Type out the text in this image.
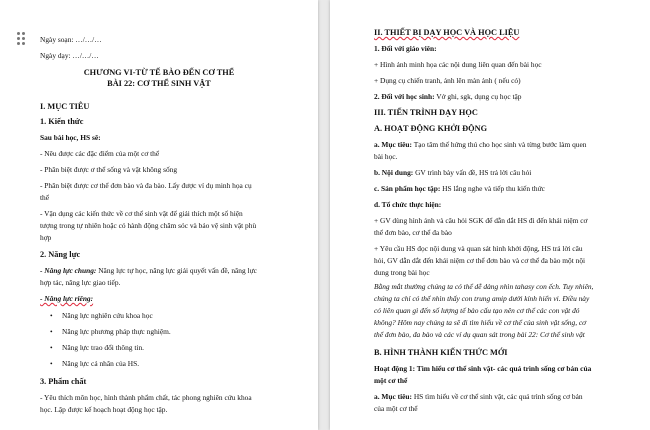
Ngày soạn: …/…/…
Ngày dạy: …/…/…
CHƯƠNG VI-TỪ TẾ BÀO ĐẾN CƠ THỂ
BÀI 22: CƠ THỂ SINH VẬT
I. MỤC TIÊU
1. Kiến thức
Sau bài học, HS sẽ:
- Nêu được các đặc điểm của một cơ thể
- Phân biệt được ơ thể sống và vật không sống
- Phân biệt được cơ thể đơn bào và đa bào. Lấy được ví dụ minh họa cụ
thể
- Vận dụng các kiến thức về cơ thể sinh vật để giải thích một số hiện
tượng trong tự nhiên hoặc có hành động chăm sóc và bảo vệ sinh vật phù
hợp
2. Năng lực
- Năng lực chung: Năng lực tự học, năng lực giải quyết vấn đề, năng lực
hợp tác, năng lực giao tiếp.
- Năng lực riêng:
• Năng lực nghiên cứu khoa học
• Năng lực phương pháp thực nghiệm.
• Năng lực trao đổi thông tin.
• Năng lực cá nhân của HS.
3. Phẩm chất
- Yêu thích môn học, hình thành phẩm chất, tác phong nghiên cứu khoa
học. Lập được kế hoạch hoạt động học tập.
II. THIẾT BỊ DẠY HỌC VÀ HỌC LIỆU
1. Đối với giáo viên:
+ Hình ảnh minh họa các nội dung liên quan đến bài học
+ Dụng cụ chiến tranh, ảnh lên màn ảnh ( nếu có)
2. Đối với học sinh: Vở ghi, sgk, dụng cụ học tập
III. TIẾN TRÌNH DẠY HỌC
A. HOẠT ĐỘNG KHỞI ĐỘNG
a. Mục tiêu: Tạo tâm thế hứng thú cho học sinh và từng bước làm quen
bài học.
b. Nội dung: GV trình bày vấn đề, HS trả lời câu hỏi
c. Sản phẩm học tập: HS lắng nghe và tiếp thu kiến thức
d. Tổ chức thực hiện:
+ GV dùng hình ảnh và câu hỏi SGK để dẫn dắt HS đi đến khái niệm cơ
thể đơn bào, cơ thể đa bào
+ Yêu cầu HS đọc nội dung và quan sát hình khởi động, HS trả lời câu
hỏi, GV dẫn dắt đến khái niệm cơ thể đơn bào và cơ thể đa bào một nội
dung trong bài học
Bằng mắt thường chúng ta có thể dễ dàng nhìn tahasy con ếch. Tuy nhiên,
chúng ta chỉ có thể nhìn thấy con trung amip dưới kính hiển vi. Điều này
có liên quan gì đến số lượng tế bào cấu tạo nên cơ thể các con vật đó
không? Hôm nay chúng ta sẽ đi tìm hiểu về cơ thể của sinh vật sống, cơ
thể đơn bào, đa bào và các ví dụ quan sát trong bài 22: Cơ thể sinh vật
B. HÌNH THÀNH KIẾN THỨC MỚI
Hoạt động 1: Tìm hiểu cơ thể sinh vật- các quá trình sống cơ bản của
một cơ thể
a. Mục tiêu: HS tìm hiểu về cơ thể sinh vật, các quá trình sống cơ bản
của một cơ thể
